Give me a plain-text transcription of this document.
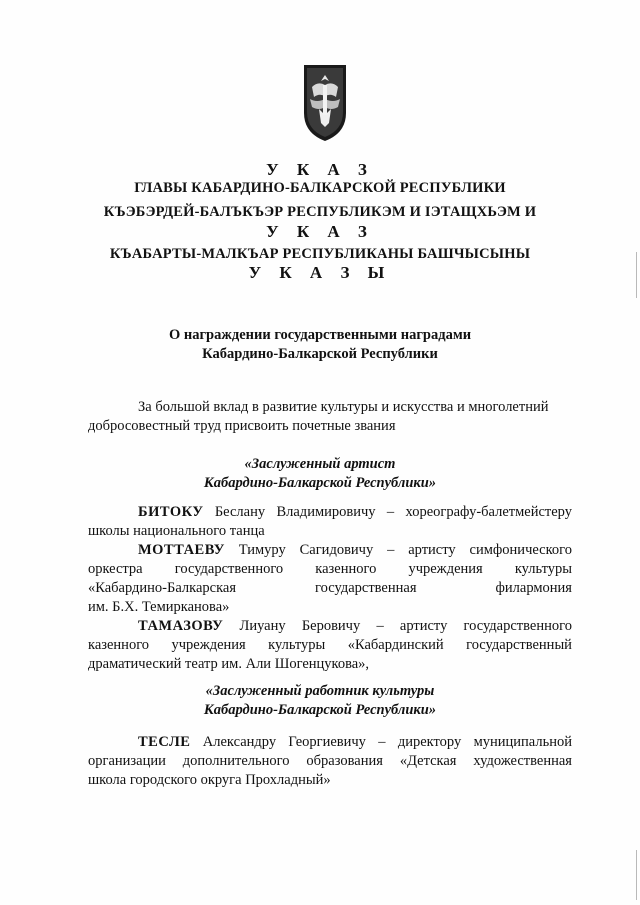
У К А З
ГЛАВЫ КАБАРДИНО-БАЛКАРСКОЙ РЕСПУБЛИКИ
КЪЭБЭРДЕЙ-БАЛЪКЪЭР РЕСПУБЛИКЭМ И ІЭТАЩХЬЭМ И
У К А З
КЪАБАРТЫ-МАЛКЪАР РЕСПУБЛИКАНЫ БАШЧЫСЫНЫ
У К А З Ы
О награждении государственными наградами
Кабардино-Балкарской Республики
За большой вклад в развитие культуры и искусства и многолетний
добросовестный труд присвоить почетные звания
«Заслуженный артист
Кабардино-Балкарской Республики»
БИТОКУ Беслану Владимировичу – хореографу-балетмейстеру
школы национального танца
МОТТАЕВУ Тимуру Сагидовичу – артисту симфонического
оркестра государственного казенного учреждения культуры
«Кабардино-Балкарская	государственная	филармония
им. Б.Х. Темирканова»
ТАМАЗОВУ Лиуану Беровичу – артисту государственного
казенного учреждения культуры «Кабардинский государственный
драматический театр им. Али Шогенцукова»,
«Заслуженный работник культуры
Кабардино-Балкарской Республики»
ТЕСЛЕ Александру Георгиевичу – директору муниципальной
организации дополнительного образования «Детская художественная
школа городского округа Прохладный»
